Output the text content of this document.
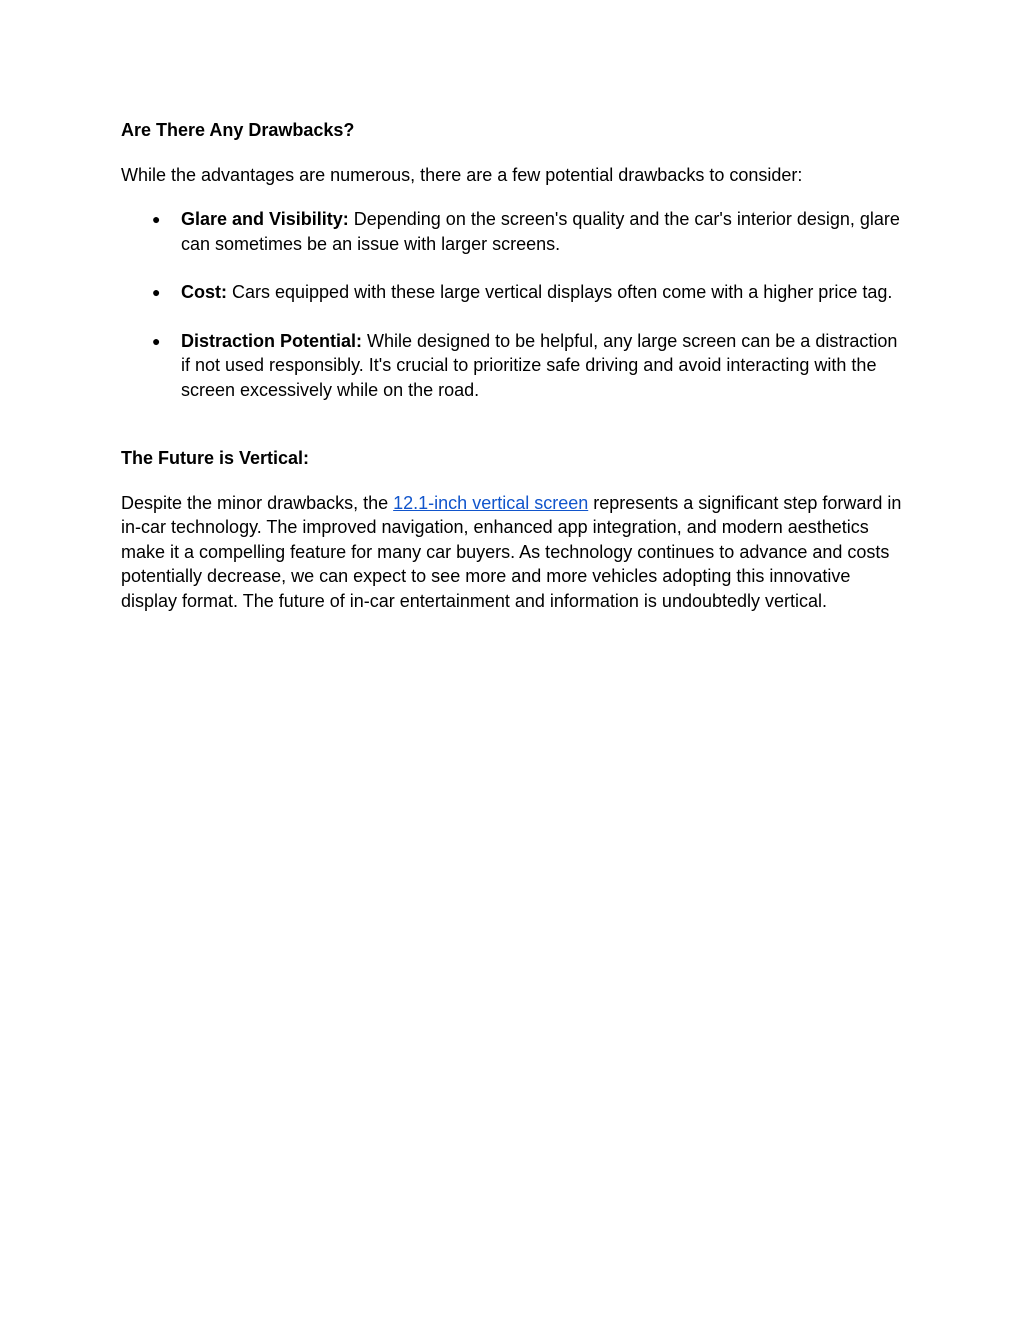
Are There Any Drawbacks?

While the advantages are numerous, there are a few potential drawbacks to consider:

● Glare and Visibility: Depending on the screen's quality and the car's interior design, glare can sometimes be an issue with larger screens.
● Cost: Cars equipped with these large vertical displays often come with a higher price tag.
● Distraction Potential: While designed to be helpful, any large screen can be a distraction if not used responsibly. It's crucial to prioritize safe driving and avoid interacting with the screen excessively while on the road.

The Future is Vertical:

Despite the minor drawbacks, the 12.1-inch vertical screen represents a significant step forward in in-car technology. The improved navigation, enhanced app integration, and modern aesthetics make it a compelling feature for many car buyers. As technology continues to advance and costs potentially decrease, we can expect to see more and more vehicles adopting this innovative display format. The future of in-car entertainment and information is undoubtedly vertical.
